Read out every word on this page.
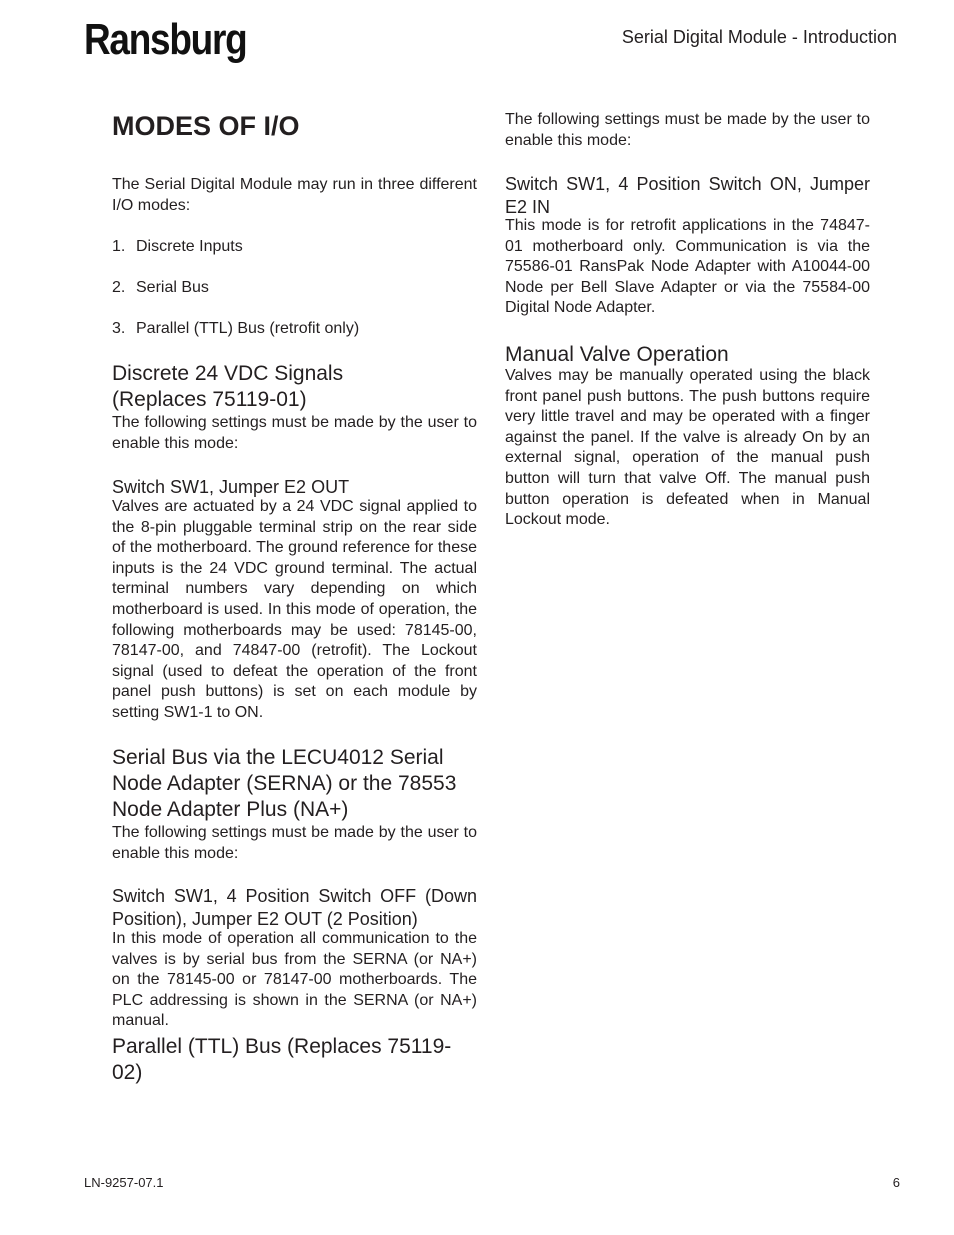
Ransburg	Serial Digital Module - Introduction
MODES OF I/O
The Serial Digital Module may run in three different I/O modes:
1. Discrete Inputs
2. Serial Bus
3. Parallel (TTL) Bus (retrofit only)
Discrete 24 VDC Signals (Replaces 75119-01)
The following settings must be made by the user to enable this mode:
Switch SW1, Jumper E2 OUT
Valves are actuated by a 24 VDC signal applied to the 8-pin pluggable terminal strip on the rear side of the motherboard. The ground reference for these inputs is the 24 VDC ground terminal. The actual terminal numbers vary depending on which motherboard is used. In this mode of operation, the following motherboards may be used: 78145-00, 78147-00, and 74847-00 (retrofit). The Lockout signal (used to defeat the operation of the front panel push buttons) is set on each module by setting SW1-1 to ON.
Serial Bus via the LECU4012 Serial Node Adapter (SERNA) or the 78553 Node Adapter Plus (NA+)
The following settings must be made by the user to enable this mode:
Switch SW1, 4 Position Switch OFF (Down Position), Jumper E2 OUT (2 Position)
In this mode of operation all communication to the valves is by serial bus from the SERNA (or NA+) on the 78145-00 or 78147-00 motherboards. The PLC addressing is shown in the SERNA (or NA+) manual.
Parallel (TTL) Bus (Replaces 75119-02)
The following settings must be made by the user to enable this mode:
Switch SW1, 4 Position Switch ON, Jumper E2 IN
This mode is for retrofit applications in the 74847-01 motherboard only. Communication is via the 75586-01 RansPak Node Adapter with A10044-00 Node per Bell Slave Adapter or via the 75584-00 Digital Node Adapter.
Manual Valve Operation
Valves may be manually operated using the black front panel push buttons. The push buttons require very little travel and may be operated with a finger against the panel. If the valve is already On by an external signal, operation of the manual push button will turn that valve Off. The manual push button operation is defeated when in Manual Lockout mode.
LN-9257-07.1	6
